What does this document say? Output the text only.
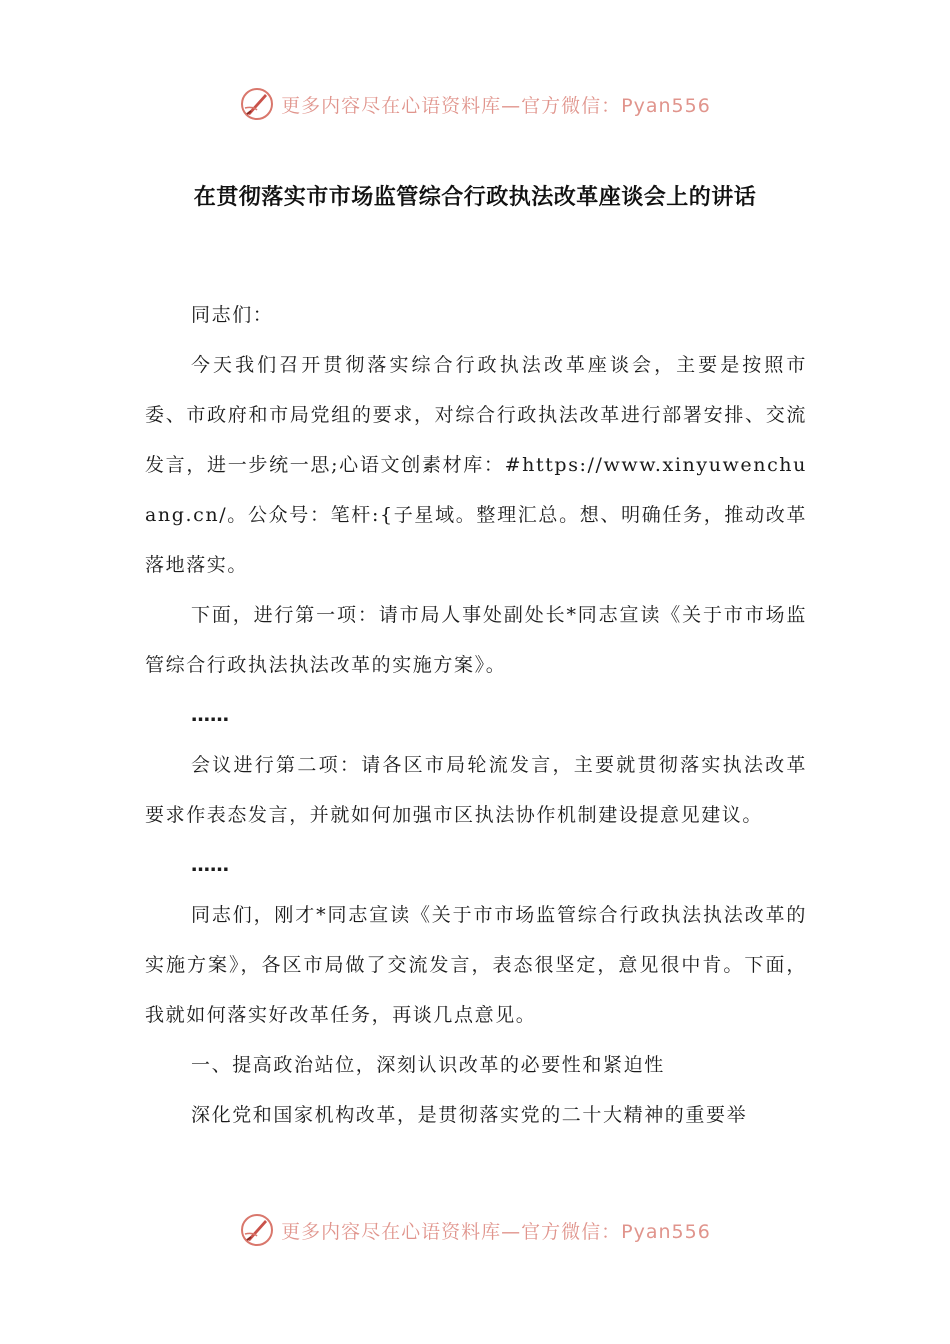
更多内容尽在心语资料库—官方微信：Pyan556
在贯彻落实市市场监管综合行政执法改革座谈会上的讲话

同志们：

今天我们召开贯彻落实综合行政执法改革座谈会，主要是按照市委、市政府和市局党组的要求，对综合行政执法改革进行部署安排、交流发言，进一步统一思;心语文创素材库：#https://www.xinyuwenchuang.cn/。公众号：笔杆:{子星域。整理汇总。想、明确任务，推动改革落地落实。

下面，进行第一项：请市局人事处副处长*同志宣读《关于市市场监管综合行政执法执法改革的实施方案》。

……

会议进行第二项：请各区市局轮流发言，主要就贯彻落实执法改革要求作表态发言，并就如何加强市区执法协作机制建设提意见建议。

……

同志们，刚才*同志宣读《关于市市场监管综合行政执法执法改革的实施方案》，各区市局做了交流发言，表态很坚定，意见很中肯。下面，我就如何落实好改革任务，再谈几点意见。

一、提高政治站位，深刻认识改革的必要性和紧迫性

深化党和国家机构改革，是贯彻落实党的二十大精神的重要举

更多内容尽在心语资料库—官方微信：Pyan556
